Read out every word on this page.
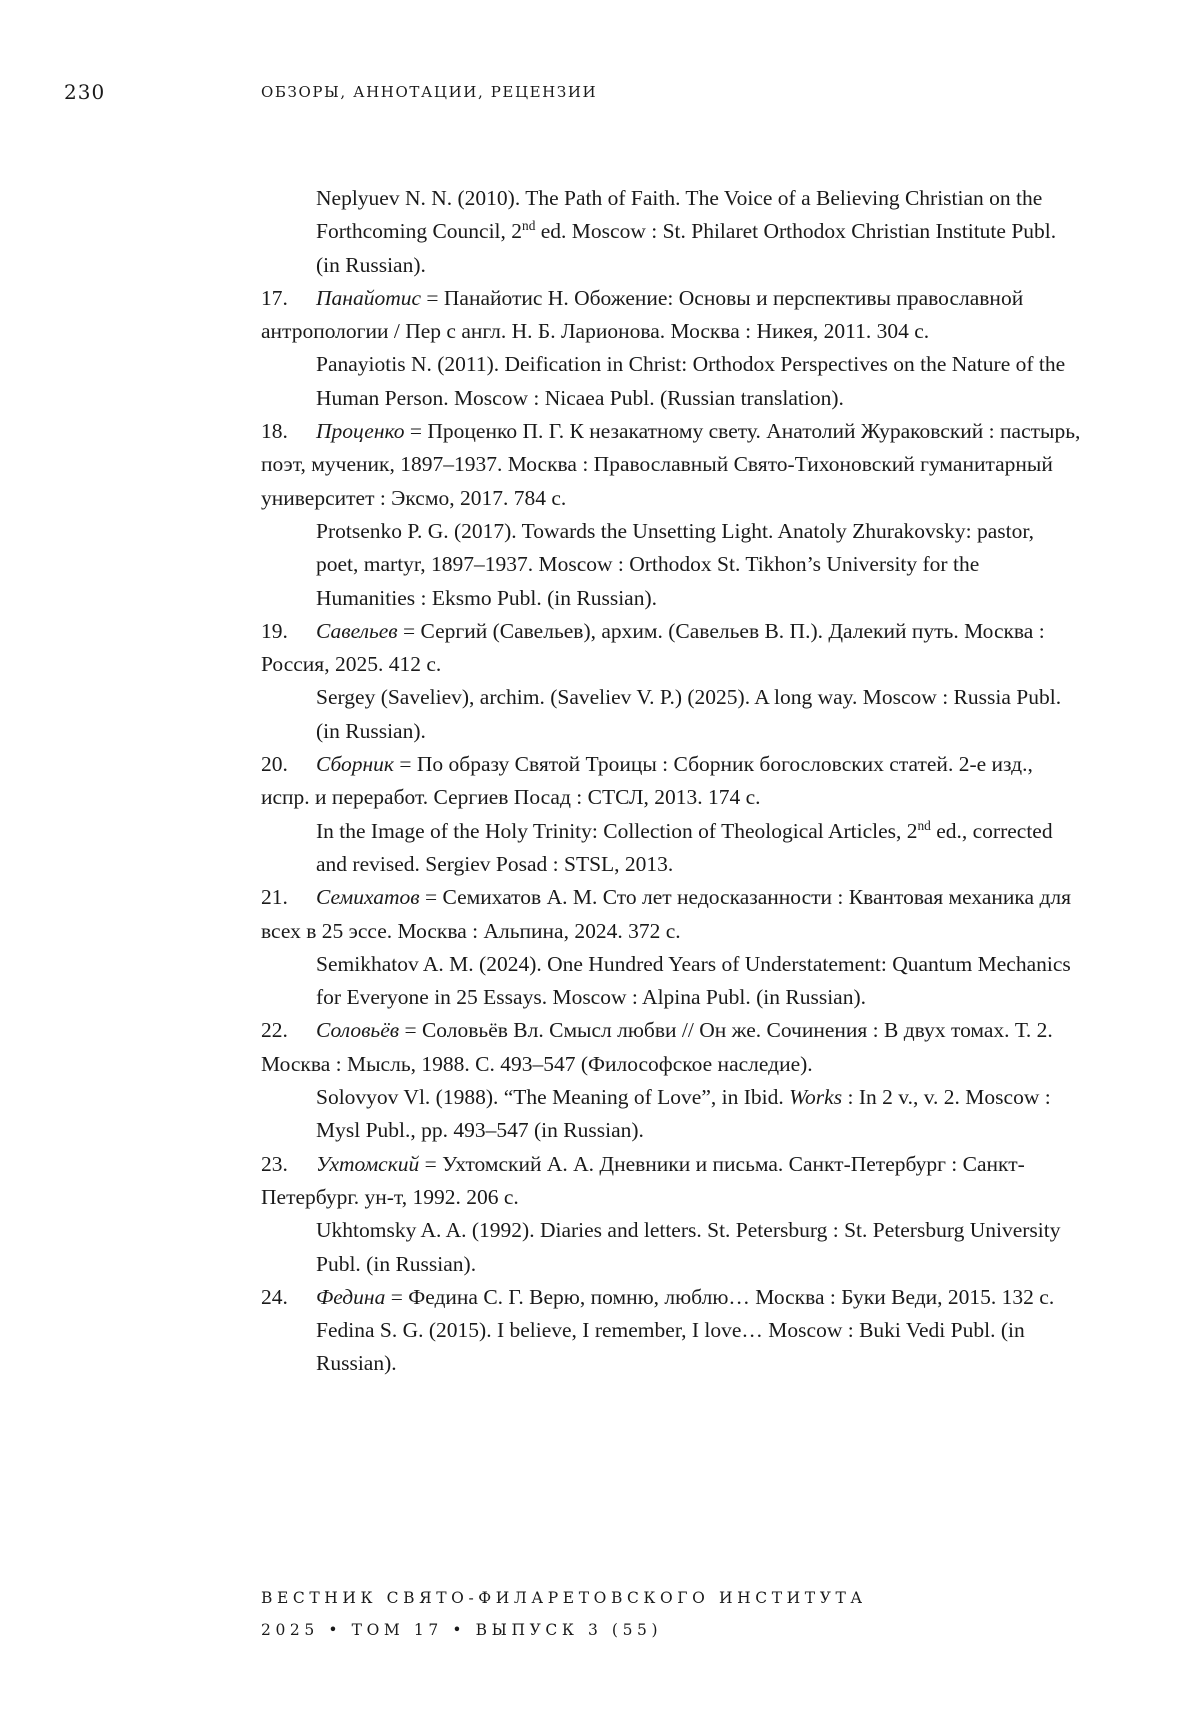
230	ОБЗОРЫ, АННОТАЦИИ, РЕЦЕНЗИИ

Neplyuev N. N. (2010). The Path of Faith. The Voice of a Believing Christian on the Forthcoming Council, 2nd ed. Moscow : St. Philaret Orthodox Christian Institute Publ. (in Russian).

17. Панайотис = Панайотис Н. Обожение: Основы и перспективы православной антропологии / Пер с англ. Н. Б. Ларионова. Москва : Никея, 2011. 304 с.

Panayiotis N. (2011). Deification in Christ: Orthodox Perspectives on the Nature of the Human Person. Moscow : Nicaea Publ. (Russian translation).

18. Проценко = Проценко П. Г. К незакатному свету. Анатолий Жураковский : пастырь, поэт, мученик, 1897–1937. Москва : Православный Свято-Тихоновский гуманитарный университет : Эксмо, 2017. 784 с.

Protsenko P. G. (2017). Towards the Unsetting Light. Anatoly Zhurakovsky: pastor, poet, martyr, 1897–1937. Moscow : Orthodox St. Tikhon’s University for the Humanities : Eksmo Publ. (in Russian).

19. Савельев = Сергий (Савельев), архим. (Савельев В. П.). Далекий путь. Москва : Россия, 2025. 412 с.

Sergey (Saveliev), archim. (Saveliev V. P.) (2025). A long way. Moscow : Russia Publ. (in Russian).

20. Сборник = По образу Святой Троицы : Сборник богословских статей. 2-е изд., испр. и переработ. Сергиев Посад : СТСЛ, 2013. 174 с.

In the Image of the Holy Trinity: Collection of Theological Articles, 2nd ed., corrected and revised. Sergiev Posad : STSL, 2013.

21. Семихатов = Семихатов А. М. Сто лет недосказанности : Квантовая механика для всех в 25 эссе. Москва : Альпина, 2024. 372 с.

Semikhatov A. M. (2024). One Hundred Years of Understatement: Quantum Mechanics for Everyone in 25 Essays. Moscow : Alpina Publ. (in Russian).

22. Соловьёв = Соловьёв Вл. Смысл любви // Он же. Сочинения : В двух томах. Т. 2. Москва : Мысль, 1988. С. 493–547 (Философское наследие).

Solovyov Vl. (1988). “The Meaning of Love”, in Ibid. Works : In 2 v., v. 2. Moscow : Mysl Publ., pp. 493–547 (in Russian).

23. Ухтомский = Ухтомский А. А. Дневники и письма. Санкт-Петербург : Санкт-Петербург. ун-т, 1992. 206 с.

Ukhtomsky A. A. (1992). Diaries and letters. St. Petersburg : St. Petersburg University Publ. (in Russian).

24. Федина = Федина С. Г. Верю, помню, люблю… Москва : Буки Веди, 2015. 132 с.

Fedina S. G. (2015). I believe, I remember, I love… Moscow : Buki Vedi Publ. (in Russian).

ВЕСТНИК СВЯТО-ФИЛАРЕТОВСКОГО ИНСТИТУТА
2025 • ТОМ 17 • ВЫПУСК 3 (55)
